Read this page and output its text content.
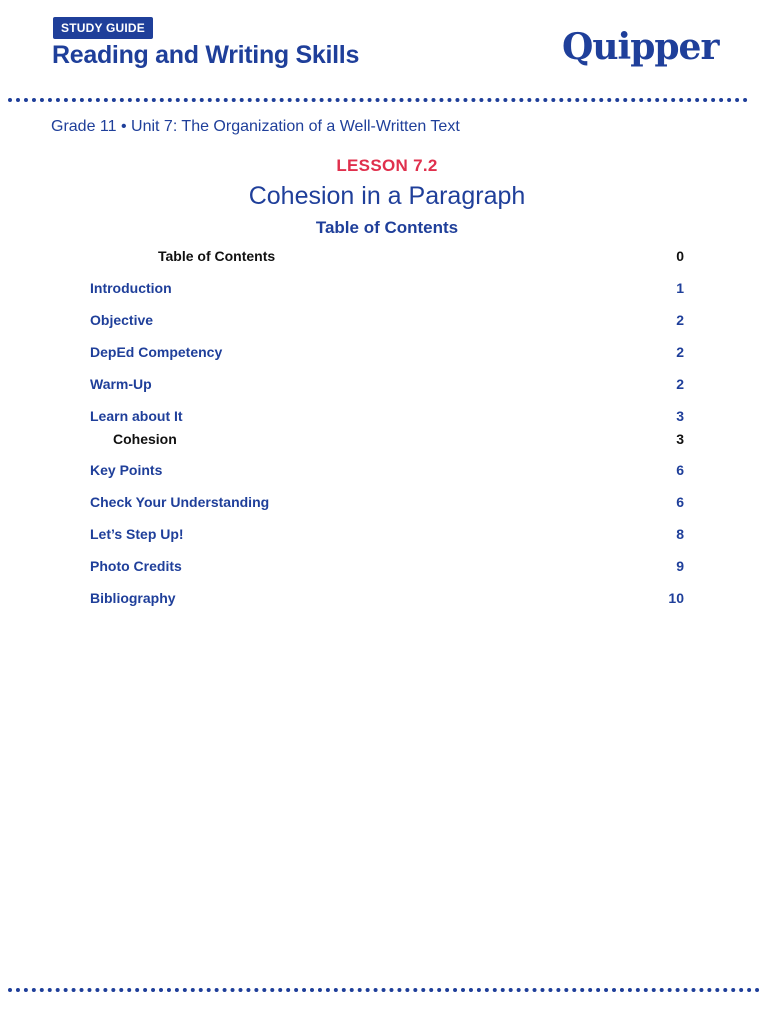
STUDY GUIDE
Reading and Writing Skills	Quipper
Grade 11 • Unit 7: The Organization of a Well-Written Text
LESSON 7.2
Cohesion in a Paragraph
Table of Contents
Table of Contents	0
Introduction	1
Objective	2
DepEd Competency	2
Warm-Up	2
Learn about It	3
Cohesion	3
Key Points	6
Check Your Understanding	6
Let’s Step Up!	8
Photo Credits	9
Bibliography	10
